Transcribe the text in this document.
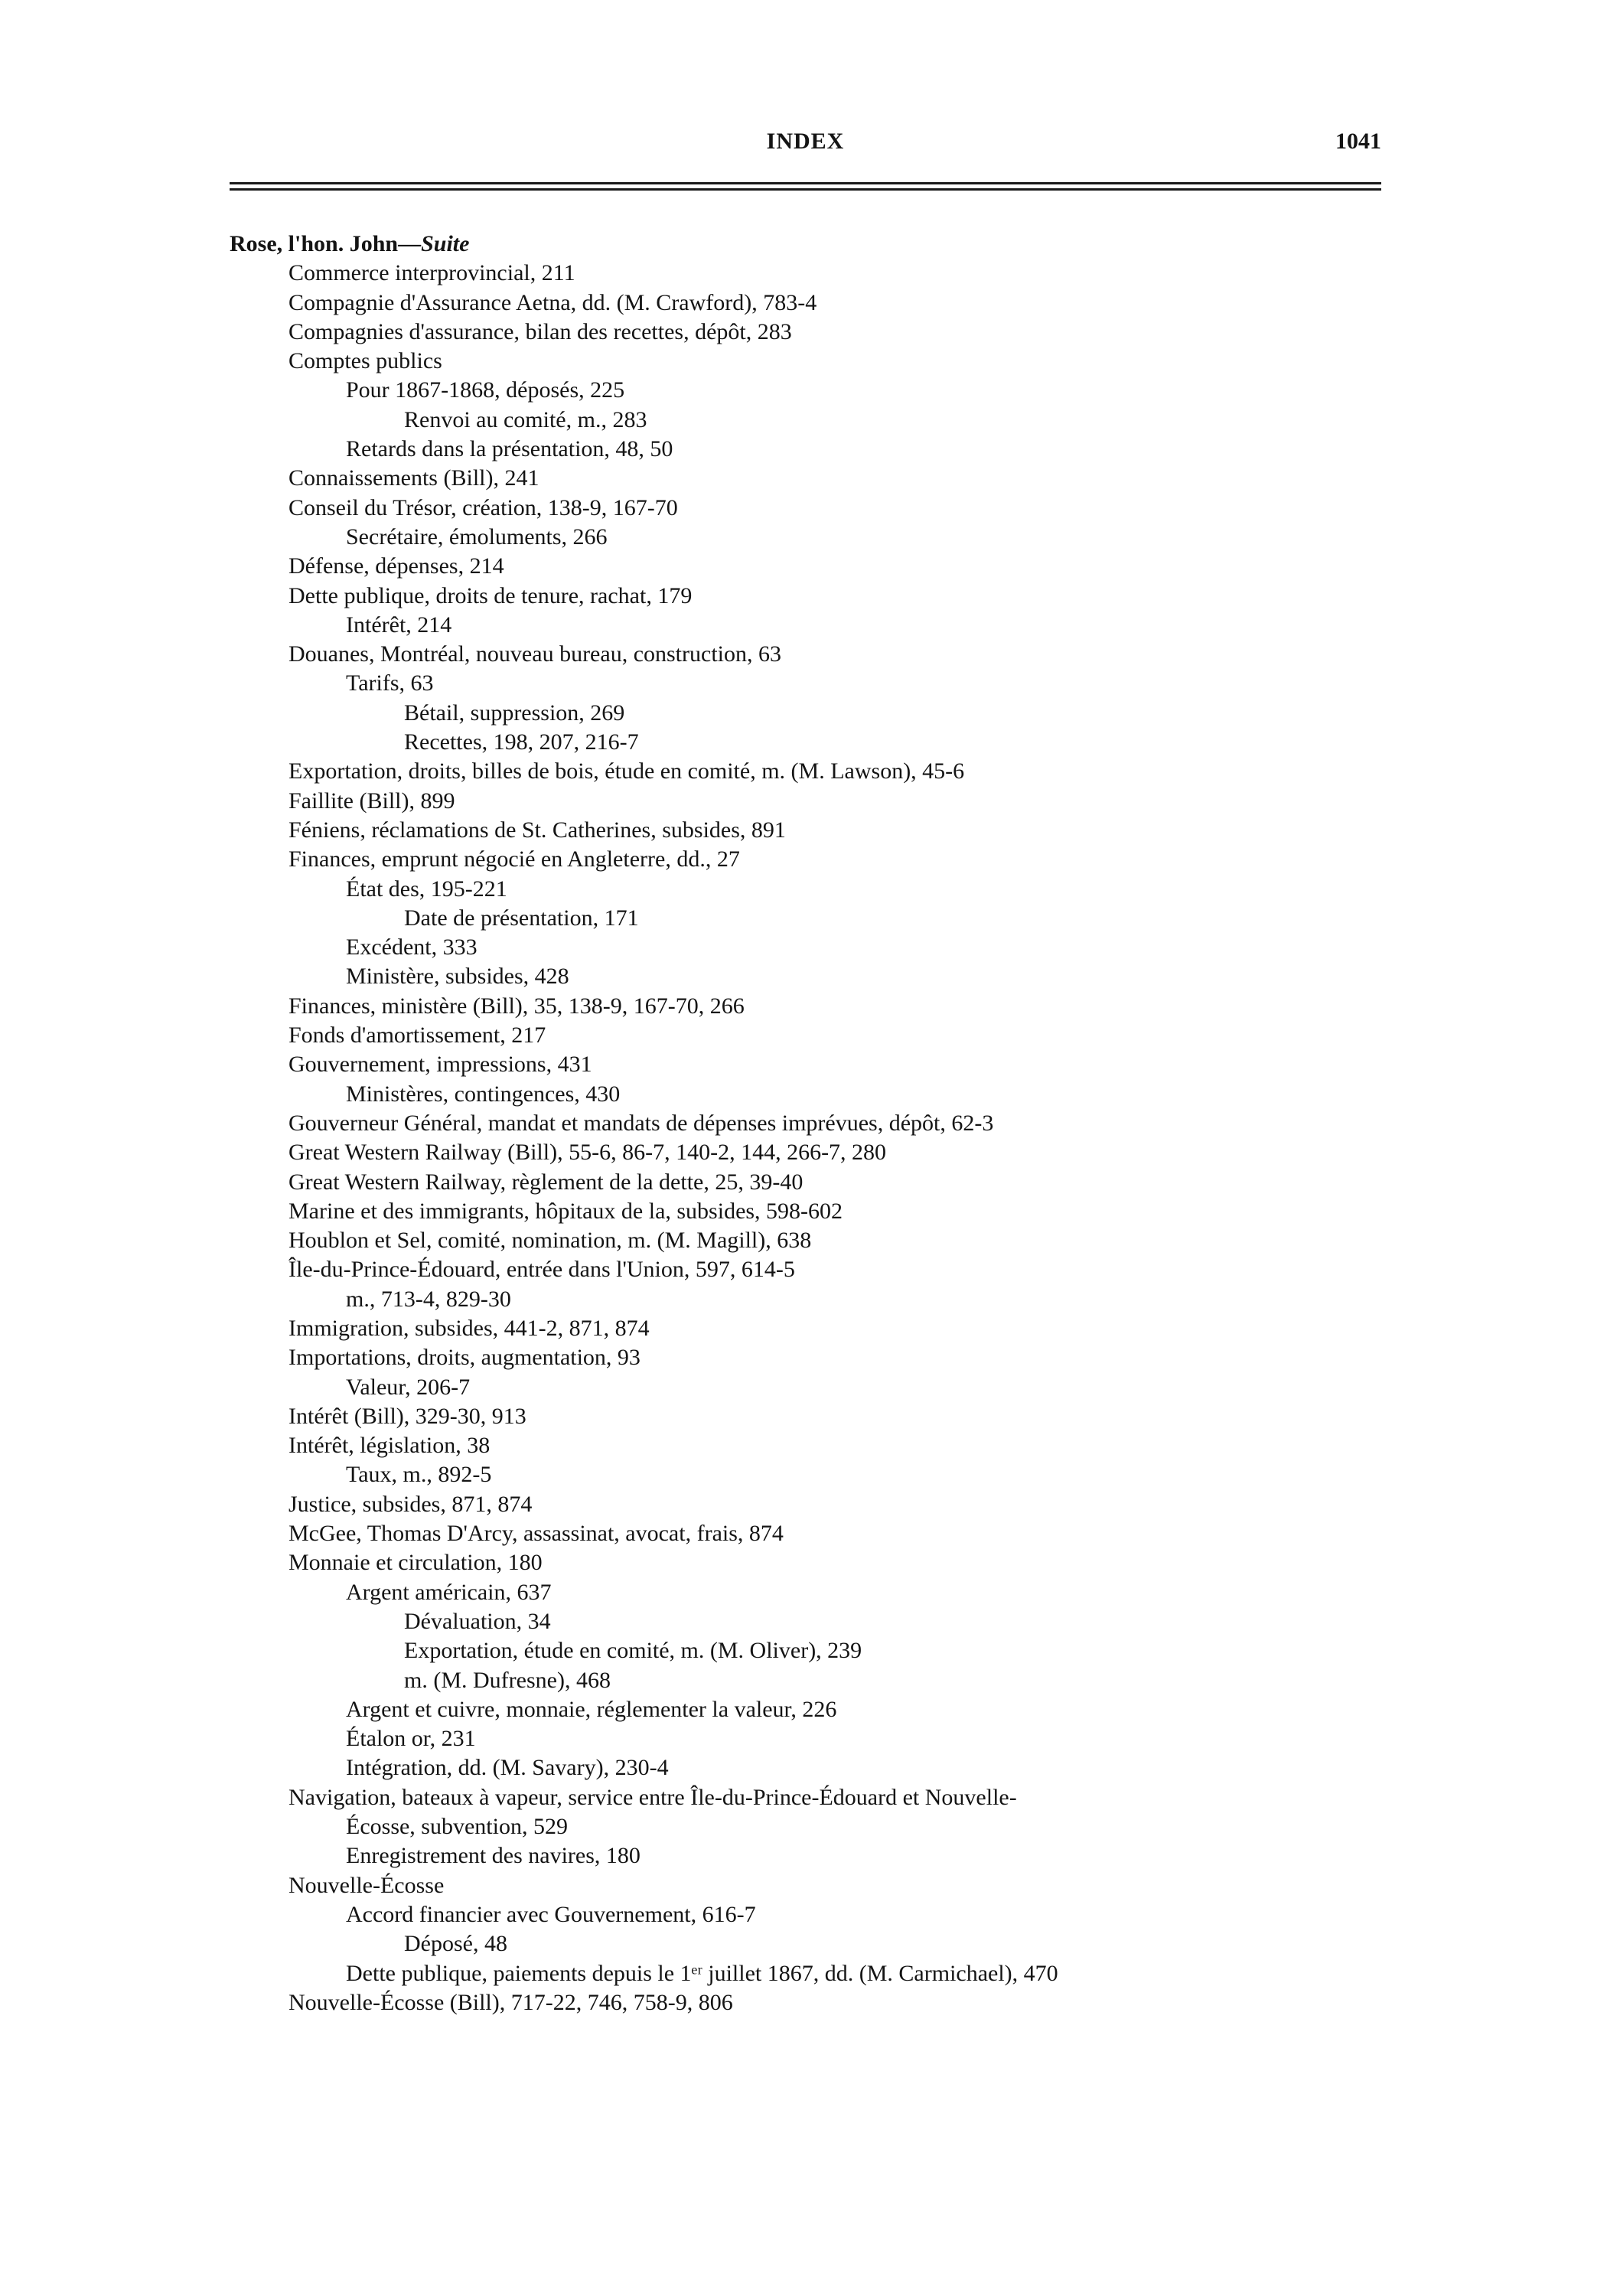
INDEX	1041
Rose, l'hon. John—Suite
Commerce interprovincial, 211
Compagnie d'Assurance Aetna, dd. (M. Crawford), 783-4
Compagnies d'assurance, bilan des recettes, dépôt, 283
Comptes publics
Pour 1867-1868, déposés, 225
Renvoi au comité, m., 283
Retards dans la présentation, 48, 50
Connaissements (Bill), 241
Conseil du Trésor, création, 138-9, 167-70
Secrétaire, émoluments, 266
Défense, dépenses, 214
Dette publique, droits de tenure, rachat, 179
Intérêt, 214
Douanes, Montréal, nouveau bureau, construction, 63
Tarifs, 63
Bétail, suppression, 269
Recettes, 198, 207, 216-7
Exportation, droits, billes de bois, étude en comité, m. (M. Lawson), 45-6
Faillite (Bill), 899
Féniens, réclamations de St. Catherines, subsides, 891
Finances, emprunt négocié en Angleterre, dd., 27
État des, 195-221
Date de présentation, 171
Excédent, 333
Ministère, subsides, 428
Finances, ministère (Bill), 35, 138-9, 167-70, 266
Fonds d'amortissement, 217
Gouvernement, impressions, 431
Ministères, contingences, 430
Gouverneur Général, mandat et mandats de dépenses imprévues, dépôt, 62-3
Great Western Railway (Bill), 55-6, 86-7, 140-2, 144, 266-7, 280
Great Western Railway, règlement de la dette, 25, 39-40
Marine et des immigrants, hôpitaux de la, subsides, 598-602
Houblon et Sel, comité, nomination, m. (M. Magill), 638
Île-du-Prince-Édouard, entrée dans l'Union, 597, 614-5
m., 713-4, 829-30
Immigration, subsides, 441-2, 871, 874
Importations, droits, augmentation, 93
Valeur, 206-7
Intérêt (Bill), 329-30, 913
Intérêt, législation, 38
Taux, m., 892-5
Justice, subsides, 871, 874
McGee, Thomas D'Arcy, assassinat, avocat, frais, 874
Monnaie et circulation, 180
Argent américain, 637
Dévaluation, 34
Exportation, étude en comité, m. (M. Oliver), 239
m. (M. Dufresne), 468
Argent et cuivre, monnaie, réglementer la valeur, 226
Étalon or, 231
Intégration, dd. (M. Savary), 230-4
Navigation, bateaux à vapeur, service entre Île-du-Prince-Édouard et Nouvelle-
Écosse, subvention, 529
Enregistrement des navires, 180
Nouvelle-Écosse
Accord financier avec Gouvernement, 616-7
Déposé, 48
Dette publique, paiements depuis le 1ᵉʳ juillet 1867, dd. (M. Carmichael), 470
Nouvelle-Écosse (Bill), 717-22, 746, 758-9, 806
